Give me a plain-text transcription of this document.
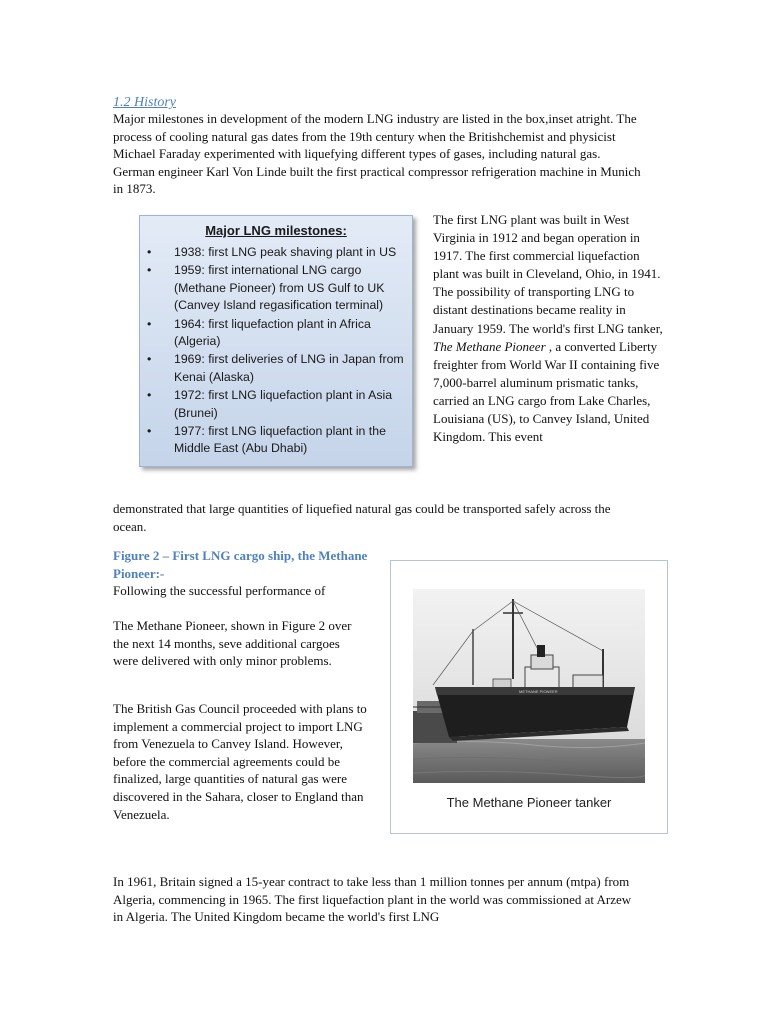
1.2 History
Major milestones in development of the modern LNG industry are listed in the box,inset atright. The process of cooling natural gas dates from the 19th century when the Britishchemist and physicist Michael Faraday experimented with liquefying different types of gases, including natural gas. German engineer Karl Von Linde built the first practical compressor refrigeration machine in Munich in 1873.
Major LNG milestones:
• 1938: first LNG peak shaving plant in US
• 1959: first international LNG cargo (Methane Pioneer) from US Gulf to UK (Canvey Island regasification terminal)
• 1964: first liquefaction plant in Africa (Algeria)
• 1969: first deliveries of LNG in Japan from Kenai (Alaska)
• 1972: first LNG liquefaction plant in Asia (Brunei)
• 1977: first LNG liquefaction plant in the Middle East (Abu Dhabi)
The first LNG plant was built in West Virginia in 1912 and began operation in 1917. The first commercial liquefaction plant was built in Cleveland, Ohio, in 1941. The possibility of transporting LNG to distant destinations became reality in January 1959. The world's first LNG tanker, The Methane Pioneer , a converted Liberty freighter from World War II containing five 7,000-barrel aluminum prismatic tanks, carried an LNG cargo from Lake Charles, Louisiana (US), to Canvey Island, United Kingdom. This event
demonstrated that large quantities of liquefied natural gas could be transported safely across the ocean.
Figure 2 – First LNG cargo ship, the Methane Pioneer:-
Following the successful performance of
The Methane Pioneer, shown in Figure 2 over the next 14 months, seve additional cargoes were delivered with only minor problems.
The British Gas Council proceeded with plans to implement a commercial project to import LNG from Venezuela to Canvey Island. However, before the commercial agreements could be finalized, large quantities of natural gas were discovered in the Sahara, closer to England than Venezuela.
METHANE PIONEER
The Methane Pioneer tanker
In 1961, Britain signed a 15-year contract to take less than 1 million tonnes per annum (mtpa) from Algeria, commencing in 1965. The first liquefaction plant in the world was commissioned at Arzew in Algeria. The United Kingdom became the world's first LNG
